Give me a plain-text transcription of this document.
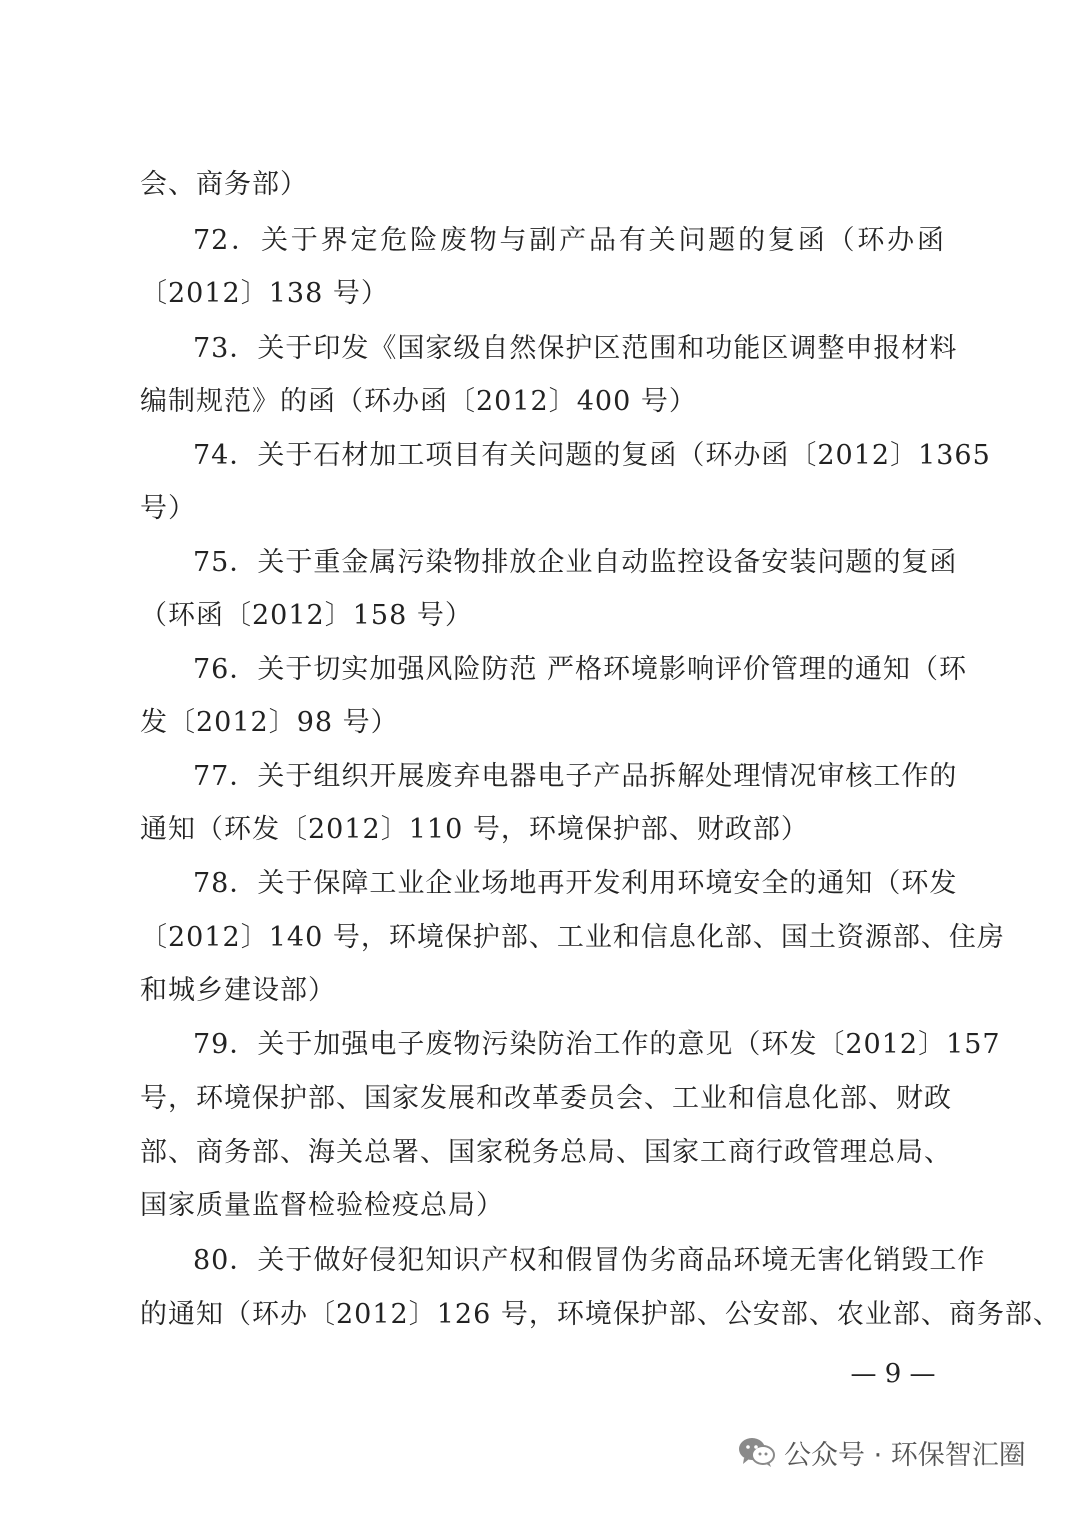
会、商务部）
72．关于界定危险废物与副产品有关问题的复函（环办函
〔2012〕138 号）
73．关于印发《国家级自然保护区范围和功能区调整申报材料
编制规范》的函（环办函〔2012〕400 号）
74．关于石材加工项目有关问题的复函（环办函〔2012〕1365
号）
75．关于重金属污染物排放企业自动监控设备安装问题的复函
（环函〔2012〕158 号）
76．关于切实加强风险防范 严格环境影响评价管理的通知（环
发〔2012〕98 号）
77．关于组织开展废弃电器电子产品拆解处理情况审核工作的
通知（环发〔2012〕110 号，环境保护部、财政部）
78．关于保障工业企业场地再开发利用环境安全的通知（环发
〔2012〕140 号，环境保护部、工业和信息化部、国土资源部、住房
和城乡建设部）
79．关于加强电子废物污染防治工作的意见（环发〔2012〕157
号，环境保护部、国家发展和改革委员会、工业和信息化部、财政
部、商务部、海关总署、国家税务总局、国家工商行政管理总局、
国家质量监督检验检疫总局）
80．关于做好侵犯知识产权和假冒伪劣商品环境无害化销毁工作
的通知（环办〔2012〕126 号，环境保护部、公安部、农业部、商务部、
— 9 —
公众号 · 环保智汇圈
